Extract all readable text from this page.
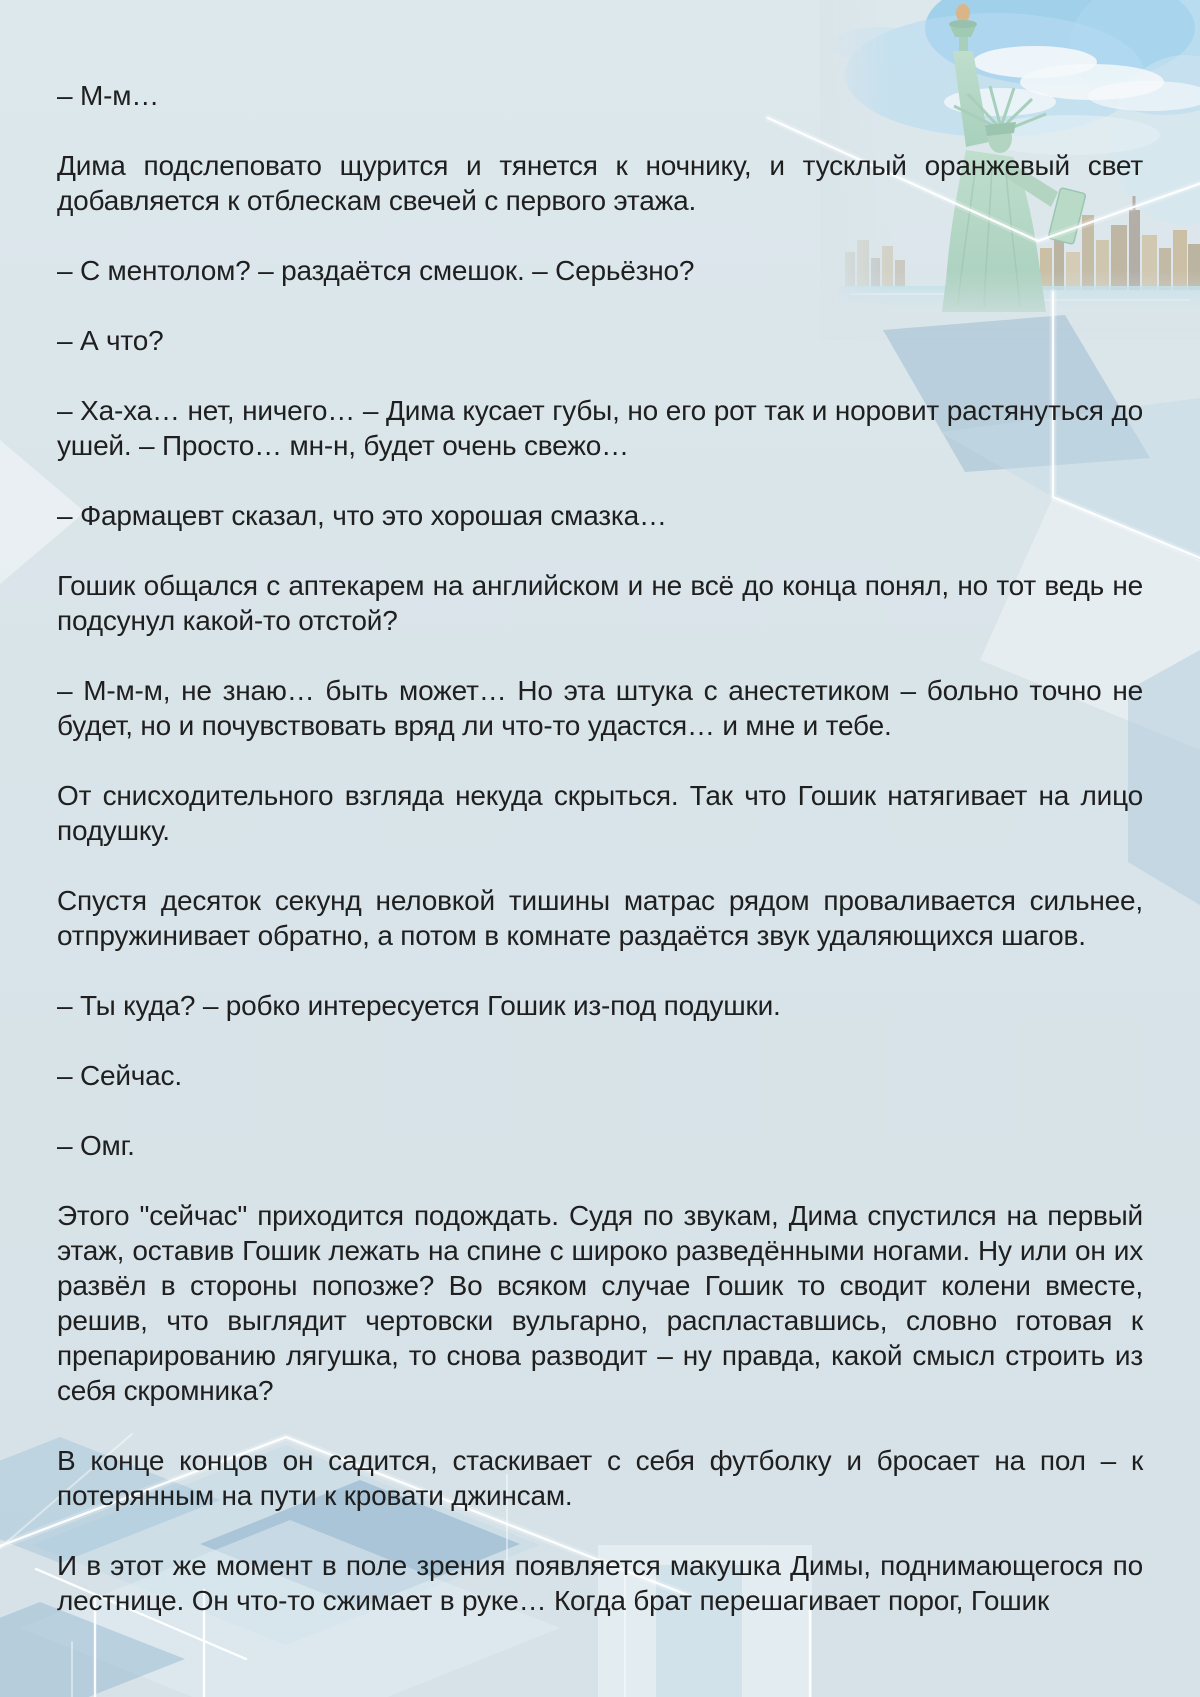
– М-м…

Дима подслеповато щурится и тянется к ночнику, и тусклый оранжевый свет добавляется к отблескам свечей с первого этажа.

– С ментолом? – раздаётся смешок. – Серьёзно?

– А что?

– Ха-ха… нет, ничего… – Дима кусает губы, но его рот так и норовит растянуться до ушей. – Просто… мн-н, будет очень свежо…

– Фармацевт сказал, что это хорошая смазка…

Гошик общался с аптекарем на английском и не всё до конца понял, но тот ведь не подсунул какой-то отстой?

– М-м-м, не знаю… быть может… Но эта штука с анестетиком – больно точно не будет, но и почувствовать вряд ли что-то удастся… и мне и тебе.

От снисходительного взгляда некуда скрыться. Так что Гошик натягивает на лицо подушку.

Спустя десяток секунд неловкой тишины матрас рядом проваливается сильнее, отпружинивает обратно, а потом в комнате раздаётся звук удаляющихся шагов.

– Ты куда? – робко интересуется Гошик из-под подушки.

– Сейчас.

– Омг.

Этого "сейчас" приходится подождать. Судя по звукам, Дима спустился на первый этаж, оставив Гошик лежать на спине с широко разведёнными ногами. Ну или он их развёл в стороны попозже? Во всяком случае Гошик то сводит колени вместе, решив, что выглядит чертовски вульгарно, распластавшись, словно готовая к препарированию лягушка, то снова разводит – ну правда, какой смысл строить из себя скромника?

В конце концов он садится, стаскивает с себя футболку и бросает на пол – к потерянным на пути к кровати джинсам.

И в этот же момент в поле зрения появляется макушка Димы, поднимающегося по лестнице. Он что-то сжимает в руке… Когда брат перешагивает порог, Гошик
